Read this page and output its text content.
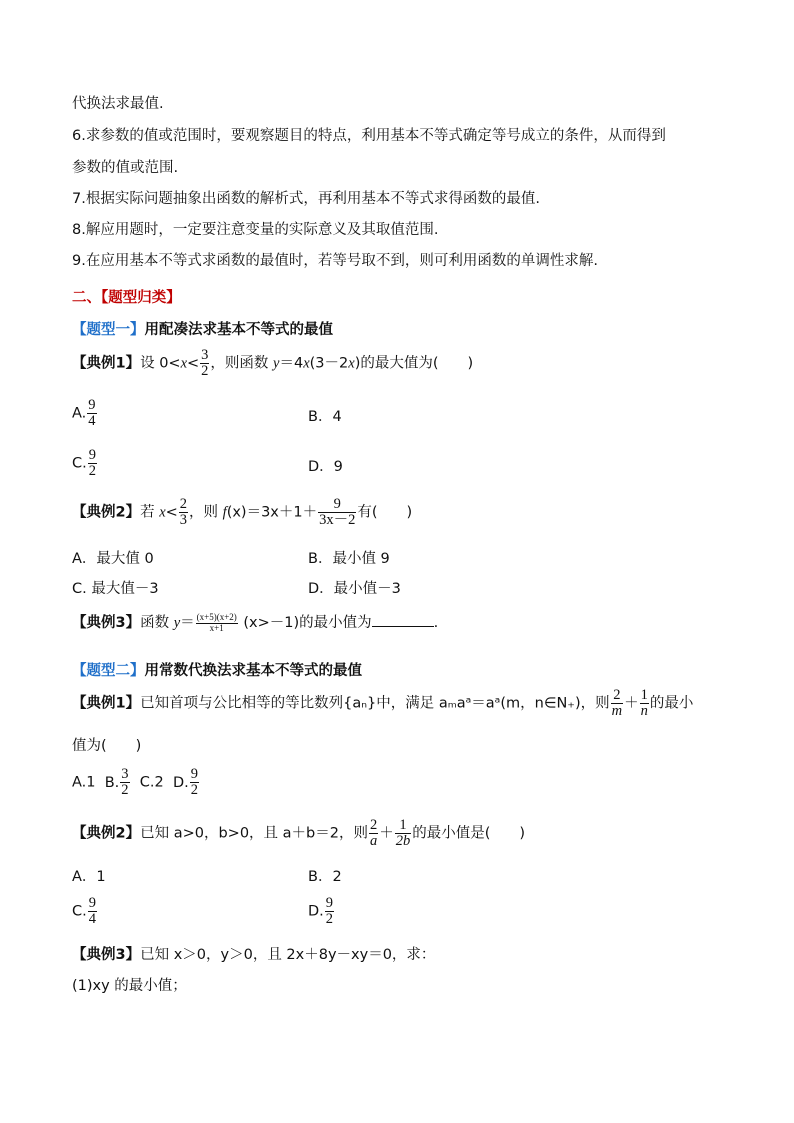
代换法求最值.
6.求参数的值或范围时，要观察题目的特点，利用基本不等式确定等号成立的条件，从而得到
参数的值或范围.
7.根据实际问题抽象出函数的解析式，再利用基本不等式求得函数的最值.
8.解应用题时，一定要注意变量的实际意义及其取值范围.
9.在应用基本不等式求函数的最值时，若等号取不到，则可利用函数的单调性求解.
二、【题型归类】
【题型一】用配凑法求基本不等式的最值
【典例1】设 $0<x< \frac{3}{2}$ ，则函数 y＝4x(3－2x)的最大值为(　　)
A. $\frac{9}{4}$	B．4
C. $\frac{9}{2}$	D．9
【典例2】若 $x< \frac{2}{3}$ ，则 $f(x)=3x+1+ \frac{9}{3x-2}$ 有(　　)
A．最大值 0	B．最小值 9
C. 最大值－3	D．最小值－3
【典例3】函数 $y= \frac{(x+5)(x+2)}{x+1} (x>-1)$的最小值为	.
【题型二】用常数代换法求基本不等式的最值
【典例1】已知首项与公比相等的等比数列{aₙ}中，满足 aₘaᵃ＝aᵃ(m，n∈N₊)，则 $\frac{2}{m} + \frac{1}{n}$ 的最小
值为(　　)
A.1 B. $\frac{3}{2} C.2$ D. $\frac{9}{2}$
【典例2】已知 a>0，b>0，且 a＋b＝2，则 $\frac{2}{a} + \frac{1}{2b}$ 的最小值是(　　)
A．1	B．2
C. $\frac{9}{4}$	D. $\frac{9}{2}$
【典例3】已知 x＞0，y＞0，且 2x＋8y－xy＝0，求：
(1)xy 的最小值；
